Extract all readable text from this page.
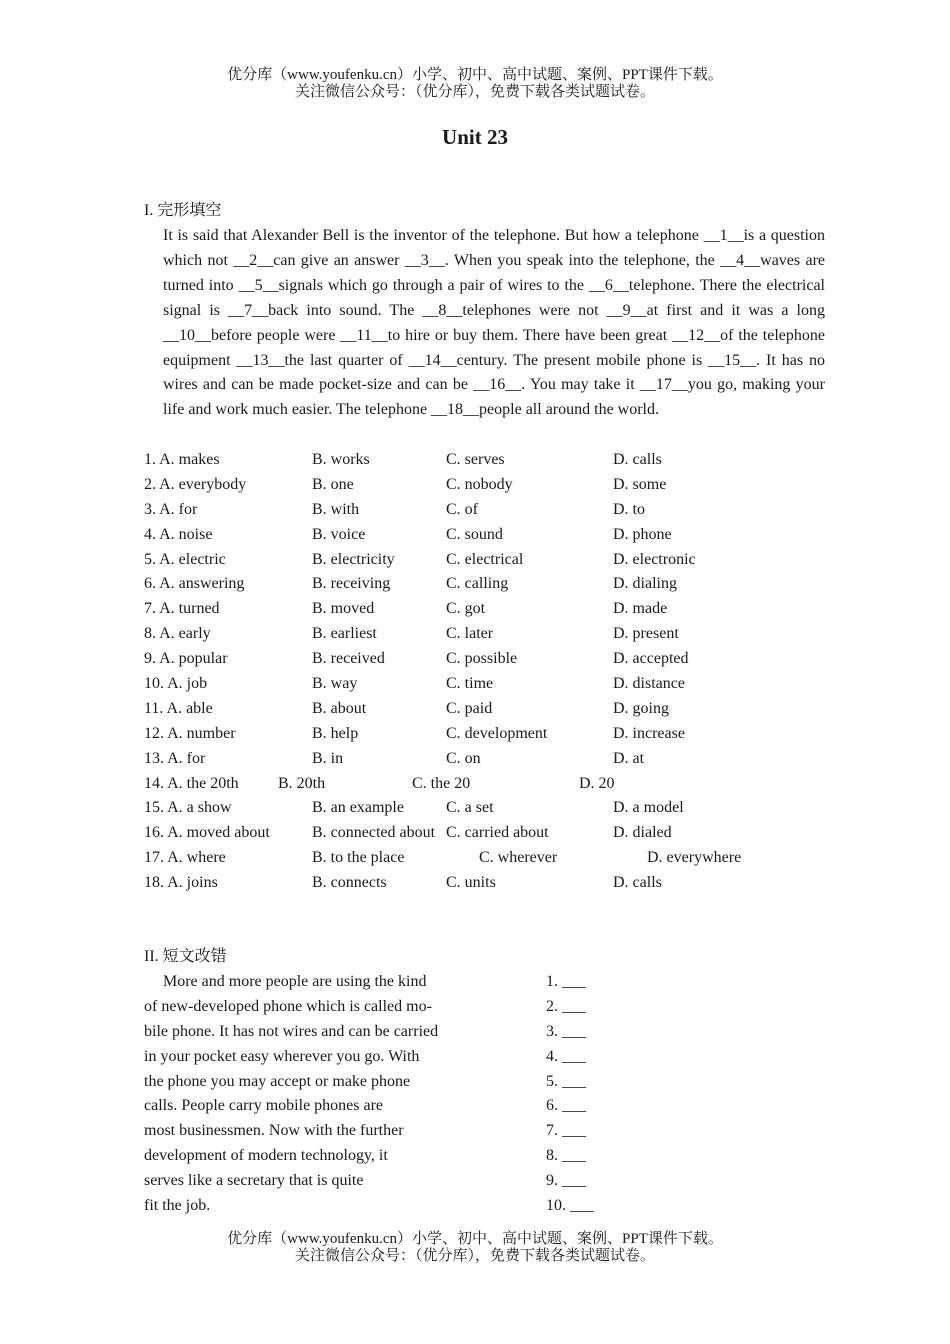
优分库（www.youfenku.cn）小学、初中、高中试题、案例、PPT课件下载。
关注微信公众号：（优分库），免费下载各类试题试卷。
Unit 23
I. 完形填空
It is said that Alexander Bell is the inventor of the telephone. But how a telephone __1__is a question which not __2__can give an answer __3__. When you speak into the telephone, the __4__waves are turned into __5__signals which go through a pair of wires to the __6__telephone. There the electrical signal is __7__back into sound. The __8__telephones were not __9__at first and it was a long __10__before people were __11__to hire or buy them. There have been great __12__of the telephone equipment __13__the last quarter of __14__century. The present mobile phone is __15__. It has no wires and can be made pocket-size and can be __16__. You may take it __17__you go, making your life and work much easier. The telephone __18__people all around the world.
1. A. makes	B. works	C. serves	D. calls
2. A. everybody	B. one	C. nobody	D. some
3. A. for	B. with	C. of	D. to
4. A. noise	B. voice	C. sound	D. phone
5. A. electric	B. electricity	C. electrical	D. electronic
6. A. answering	B. receiving	C. calling	D. dialing
7. A. turned	B. moved	C. got	D. made
8. A. early	B. earliest	C. later	D. present
9. A. popular	B. received	C. possible	D. accepted
10. A. job	B. way	C. time	D. distance
11. A. able	B. about	C. paid	D. going
12. A. number	B. help	C. development	D. increase
13. A. for	B. in	C. on	D. at
14. A. the 20th B. 20th	C. the 20	D. 20
15. A. a show	B. an example	C. a set	D. a model
16. A. moved about	B. connected about C. carried about	D. dialed
17. A. where	B. to the place	C. wherever	D. everywhere
18. A. joins	B. connects	C. units	D. calls
II. 短文改错
More and more people are using the kind	1. ___
of new-developed phone which is called mo-	2. ___
bile phone. It has not wires and can be carried	3. ___
in your pocket easy wherever you go. With	4. ___
the phone you may accept or make phone	5. ___
calls. People carry mobile phones are	6. ___
most businessmen. Now with the further	7. ___
development of modern technology, it	8. ___
serves like a secretary that is quite	9. ___
fit the job.	10. ___
优分库（www.youfenku.cn）小学、初中、高中试题、案例、PPT课件下载。
关注微信公众号：（优分库），免费下载各类试题试卷。
